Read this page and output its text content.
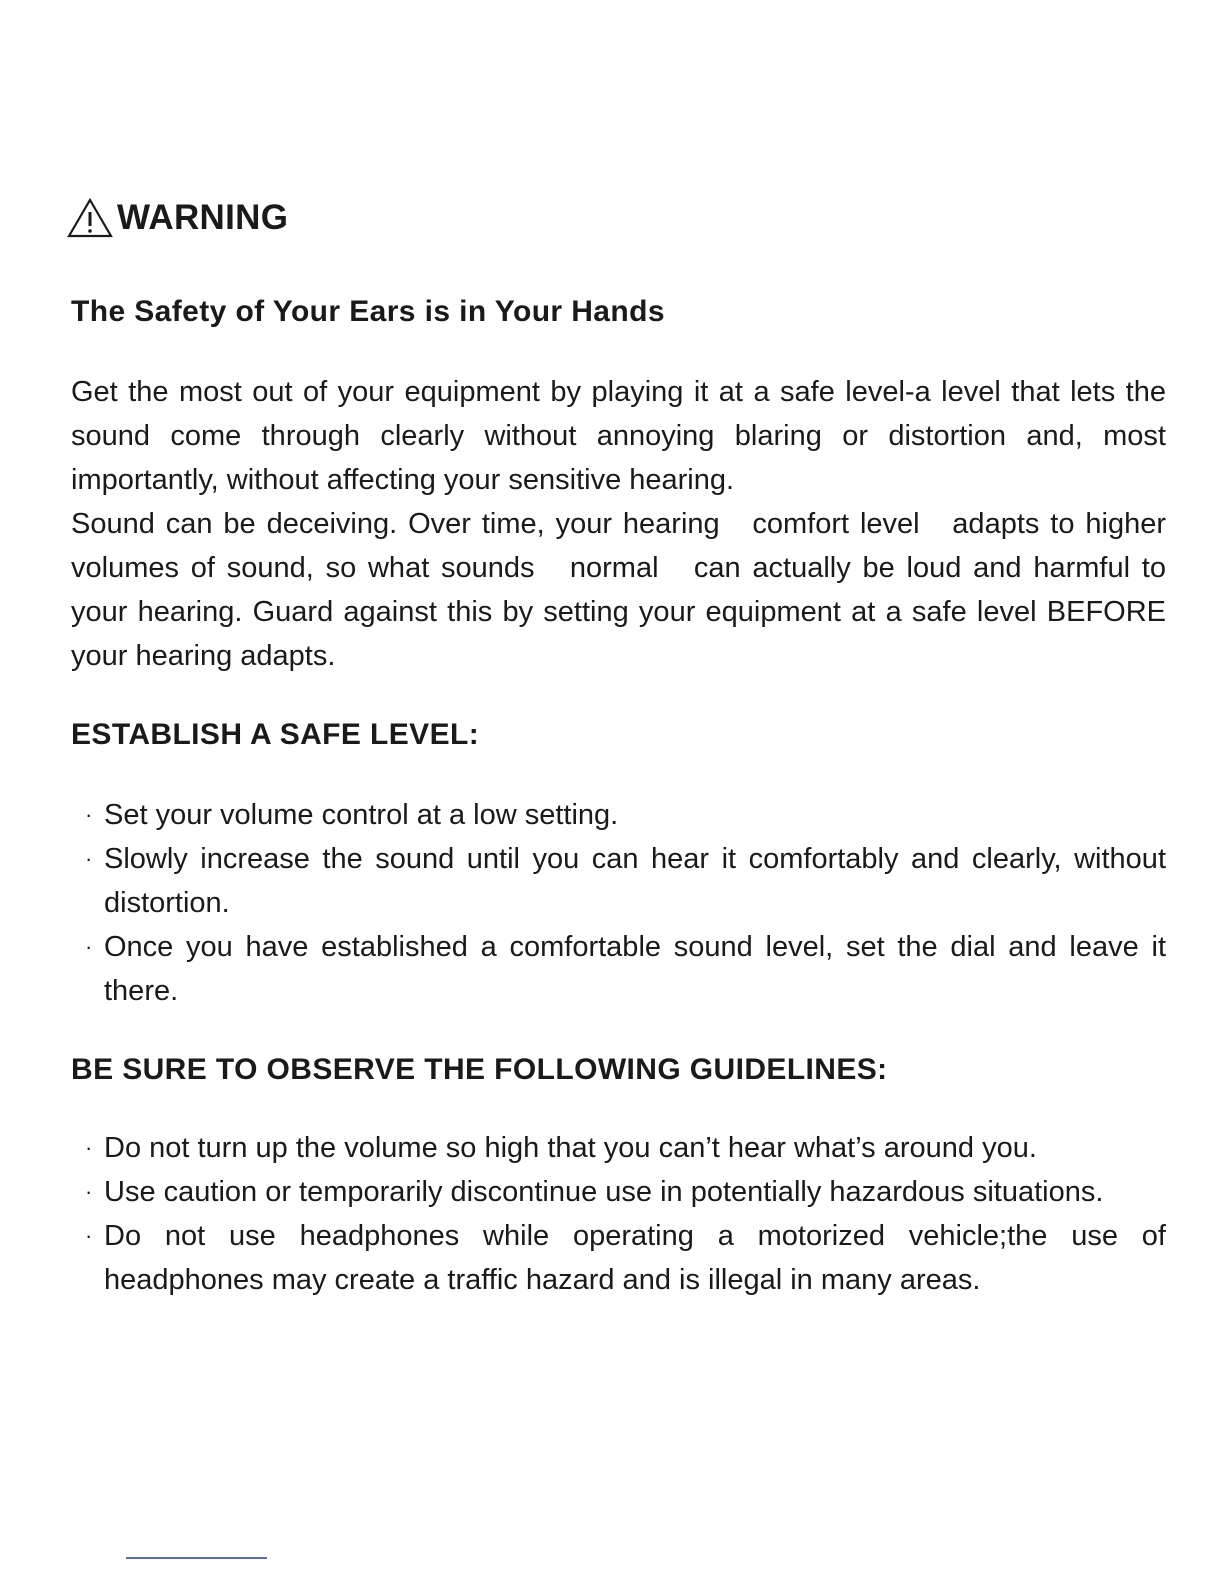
WARNING
The Safety of Your Ears is in Your Hands

Get the most out of your equipment by playing it at a safe level-a level that lets the sound come through clearly without annoying blaring or distortion and, most importantly, without affecting your sensitive hearing.

Sound can be deceiving. Over time, your hearing   comfort level   adapts to higher volumes of sound, so what sounds   normal   can actually be loud and harmful to your hearing. Guard against this by setting your equipment at a safe level BEFORE your hearing adapts.

ESTABLISH A SAFE LEVEL:
· Set your volume control at a low setting.
· Slowly increase the sound until you can hear it comfortably and clearly, without distortion.
· Once you have established a comfortable sound level, set the dial and leave it there.
BE SURE TO OBSERVE THE FOLLOWING GUIDELINES:
· Do not turn up the volume so high that you can’t hear what’s around you.
· Use caution or temporarily discontinue use in potentially hazardous situations.
· Do not use headphones while operating a motorized vehicle;the use of headphones may create a traffic hazard and is illegal in many areas.
